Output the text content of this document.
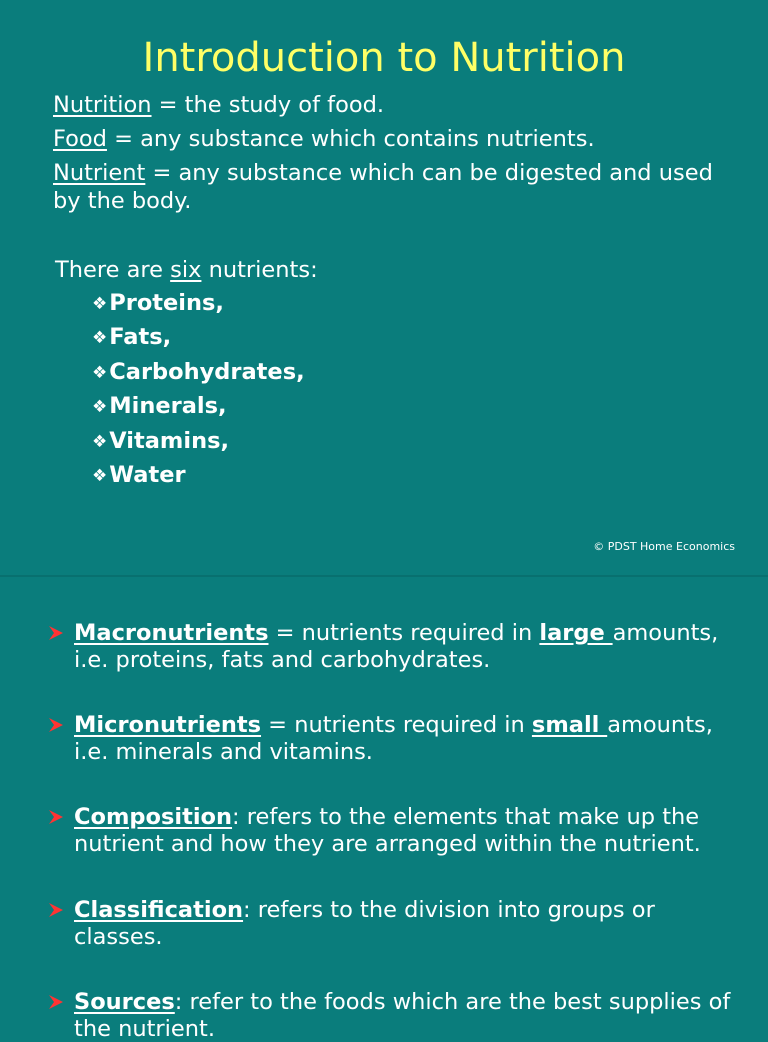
Introduction to Nutrition

Nutrition = the study of food.

Food = any substance which contains nutrients.

Nutrient = any substance which can be digested and used by the body.

There are six nutrients:

❖Proteins,
❖Fats,
❖Carbohydrates,
❖Minerals,
❖Vitamins,
❖Water

© PDST Home Economics

Macronutrients = nutrients required in large amounts, i.e. proteins, fats and carbohydrates.

Micronutrients = nutrients required in small amounts, i.e. minerals and vitamins.

Composition: refers to the elements that make up the nutrient and how they are arranged within the nutrient.

Classification: refers to the division into groups or classes.

Sources: refer to the foods which are the best supplies of the nutrient.
